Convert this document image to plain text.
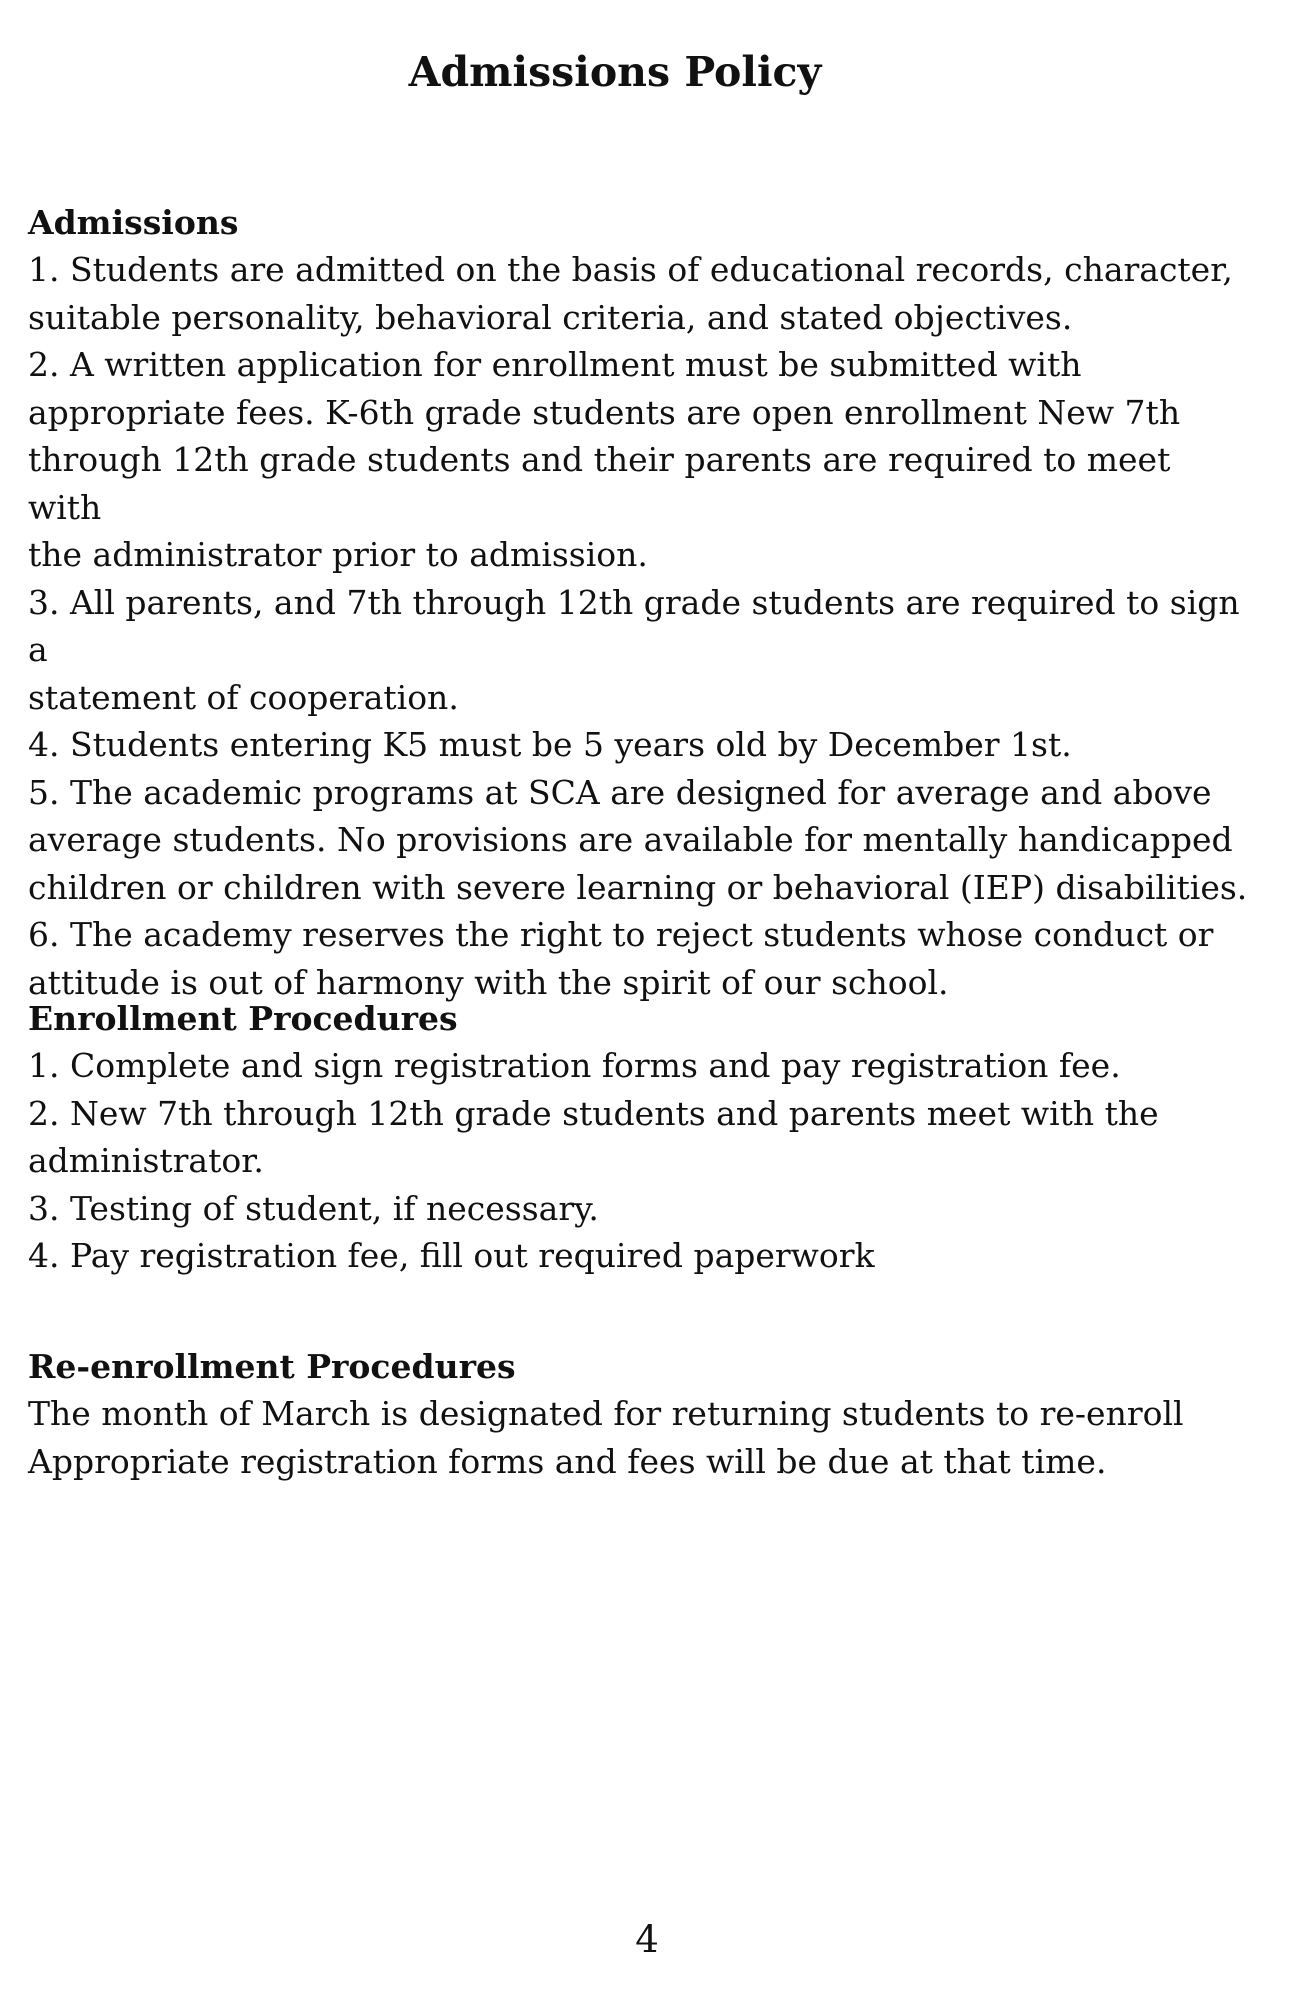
Admissions Policy
Admissions

1. Students are admitted on the basis of educational records, character,
suitable personality, behavioral criteria, and stated objectives.

2. A written application for enrollment must be submitted with
appropriate fees. K-6th grade students are open enrollment New 7th
through 12th grade students and their parents are required to meet with
the administrator prior to admission.

3. All parents, and 7th through 12th grade students are required to sign a
statement of cooperation.

4. Students entering K5 must be 5 years old by December 1st.

5. The academic programs at SCA are designed for average and above
average students. No provisions are available for mentally handicapped
children or children with severe learning or behavioral (IEP) disabilities.

6. The academy reserves the right to reject students whose conduct or
attitude is out of harmony with the spirit of our school.

Enrollment Procedures

1. Complete and sign registration forms and pay registration fee.

2. New 7th through 12th grade students and parents meet with the
administrator.

3. Testing of student, if necessary.

4. Pay registration fee, fill out required paperwork

Re-enrollment Procedures

The month of March is designated for returning students to re-enroll
Appropriate registration forms and fees will be due at that time.

4
